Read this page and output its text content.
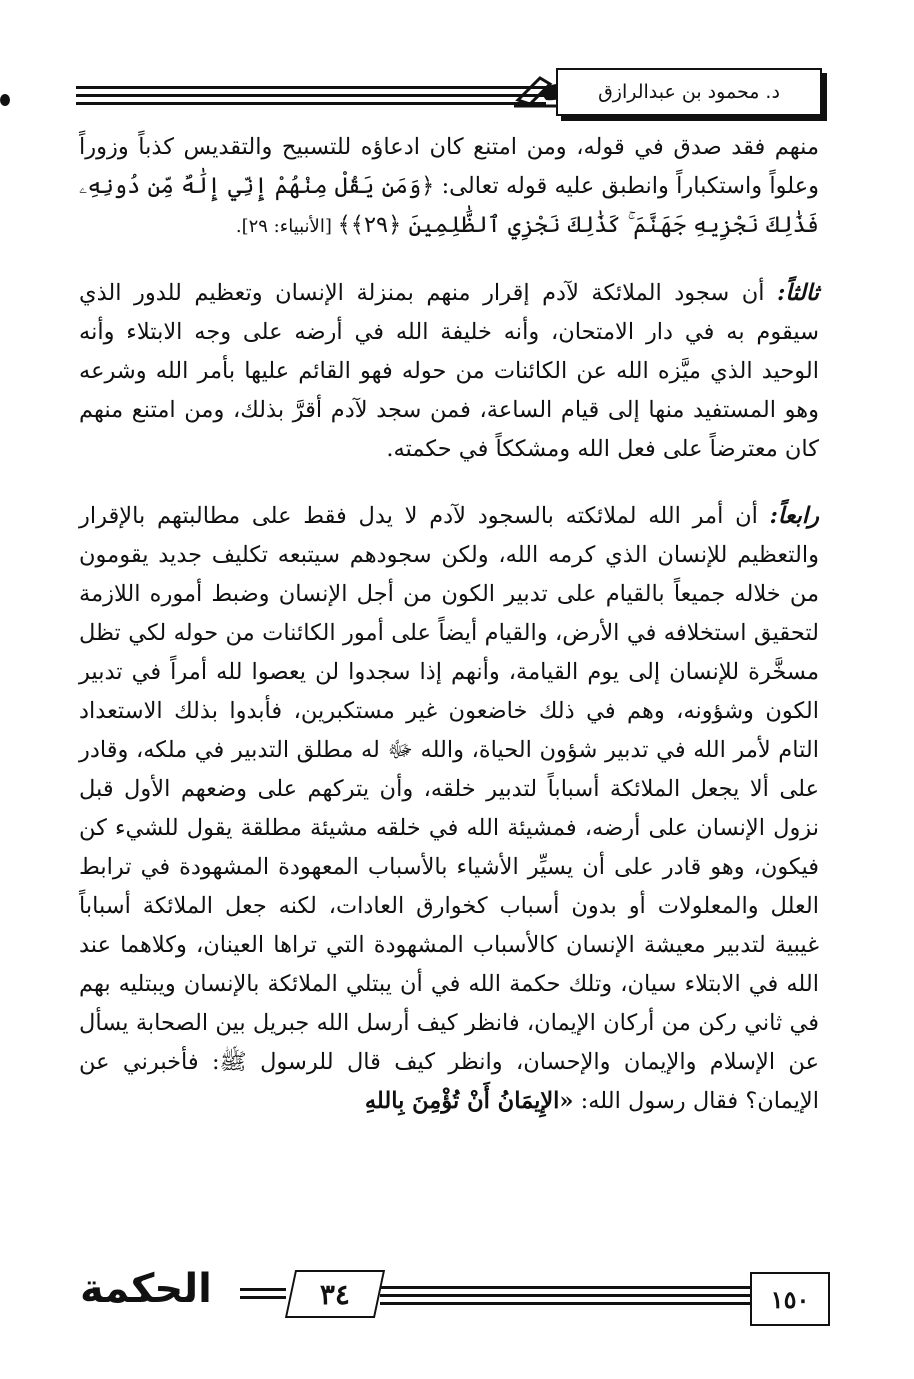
د. محمود بن عبدالرازق

منهم فقد صدق في قوله، ومن امتنع كان ادعاؤه للتسبيح والتقديس كذباً وزوراً وعلواً واستكباراً وانطبق عليه قوله تعالى: ﴿وَمَن يَقُلْ مِنْهُمْ إِنِّي إِلَٰهٌ مِّن دُونِهِۦ فَذَٰلِكَ نَجْزِيهِ جَهَنَّمَ ۚ كَذَٰلِكَ نَجْزِي ٱلظَّٰلِمِينَ ﴿٢٩﴾﴾ [الأنبياء: ٢٩].

ثالثاً: أن سجود الملائكة لآدم إقرار منهم بمنزلة الإنسان وتعظيم للدور الذي سيقوم به في دار الامتحان، وأنه خليفة الله في أرضه على وجه الابتلاء وأنه الوحيد الذي ميَّزه الله عن الكائنات من حوله فهو القائم عليها بأمر الله وشرعه وهو المستفيد منها إلى قيام الساعة، فمن سجد لآدم أقرَّ بذلك، ومن امتنع منهم كان معترضاً على فعل الله ومشككاً في حكمته.

رابعاً: أن أمر الله لملائكته بالسجود لآدم لا يدل فقط على مطالبتهم بالإقرار والتعظيم للإنسان الذي كرمه الله، ولكن سجودهم سيتبعه تكليف جديد يقومون من خلاله جميعاً بالقيام على تدبير الكون من أجل الإنسان وضبط أموره اللازمة لتحقيق استخلافه في الأرض، والقيام أيضاً على أمور الكائنات من حوله لكي تظل مسخَّرة للإنسان إلى يوم القيامة، وأنهم إذا سجدوا لن يعصوا لله أمراً في تدبير الكون وشؤونه، وهم في ذلك خاضعون غير مستكبرين، فأبدوا بذلك الاستعداد التام لأمر الله في تدبير شؤون الحياة، والله ﷻ له مطلق التدبير في ملكه، وقادر على ألا يجعل الملائكة أسباباً لتدبير خلقه، وأن يتركهم على وضعهم الأول قبل نزول الإنسان على أرضه، فمشيئة الله في خلقه مشيئة مطلقة يقول للشيء كن فيكون، وهو قادر على أن يسيِّر الأشياء بالأسباب المعهودة المشهودة في ترابط العلل والمعلولات أو بدون أسباب كخوارق العادات، لكنه جعل الملائكة أسباباً غيبية لتدبير معيشة الإنسان كالأسباب المشهودة التي تراها العينان، وكلاهما عند الله في الابتلاء سيان، وتلك حكمة الله في أن يبتلي الملائكة بالإنسان ويبتليه بهم في ثاني ركن من أركان الإيمان، فانظر كيف أرسل الله جبريل بين الصحابة يسأل عن الإسلام والإيمان والإحسان، وانظر كيف قال للرسول ﷺ: فأخبرني عن الإيمان؟ فقال رسول الله: «الإِيمَانُ أَنْ تُؤْمِنَ بِاللهِ

الحكمة	٣٤	١٥٠
